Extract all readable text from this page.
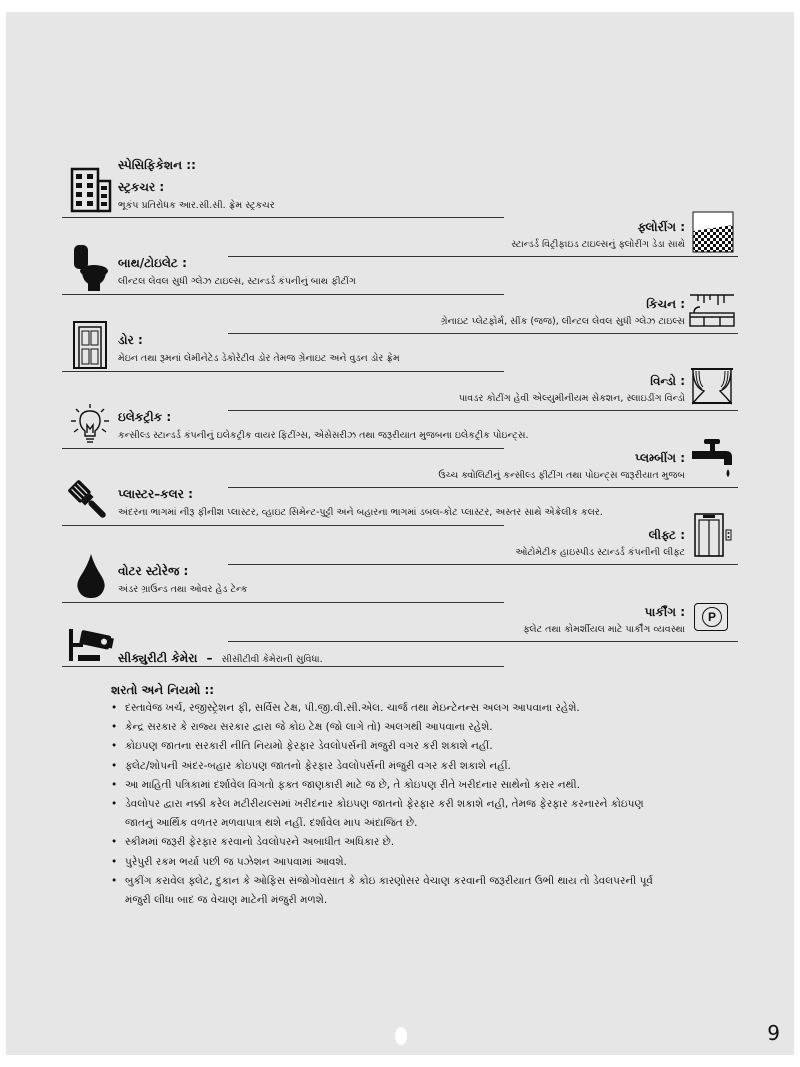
સ્પેસિફિકેશન ::
સ્ટ્રકચર :
ભૂકંપ પ્રતિરોધક આર.સી.સી. ફ્રેમ સ્ટ્રકચર
ફ્લોરીંગ :
સ્ટાન્ડર્ડ વિટ્રીફાઇડ ટાઇલ્સનું ફ્લોરીંગ ડેડા સાથે
બાથ/ટોઇલેટ :
લીન્ટલ લેવલ સુધી ગ્લેઝ ટાઇલ્સ, સ્ટાન્ડર્ડ કંપનીનું બાથ ફીટીંગ
કિચન :
ગ્રેનાઇટ પ્લેટફોર્મ, સીંક (જજ), લીન્ટલ લેવલ સુધી ગ્લેઝ ટાઇલ્સ
ડોર :
મેઇન તથા રૂમનાં લેમીનેટેડ ડેકોરેટીવ ડોર તેમજ ગ્રેનાઇટ અને વુડન ડોર ફ્રેમ
વિન્ડો :
પાવડર કોટીંગ હેવી એલ્યુમીનીયમ સેકશન, સ્લાઇડીંગ વિન્ડો
ઇલેકટ્રીક :
કન્સીલ્ડ સ્ટાન્ડર્ડ કંપનીનું ઇલેકટ્રીક વાયર ફિટીંગ્સ, એસેસરીઝ તથા જરૂરીયાત મુજબના ઇલેકટ્રીક પોઇન્ટ્સ.
પ્લમ્બીંગ :
ઉચ્ચ ક્વોલિટીનું કન્સીલ્ડ ફીટીંગ તથા પોઇન્ટ્સ જરૂરીયાત મુજબ
પ્લાસ્ટર–કલર :
અંદરના ભાગમાં નીરૂ ફીનીશ પ્લાસ્ટર, વ્હાઇટ સિમેન્ટ-પુટ્ટી અને બહારના ભાગમાં ડબલ-કોટ પ્લાસ્ટર, અસ્તર સાથે એક્રેલીક કલર.
લીફ્ટ :
ઓટોમેટીક હાઇસ્પીડ સ્ટાન્ડર્ડ કંપનીની લીફ્ટ
વોટર સ્ટોરેજ :
અંડર ગ્રાઉન્ડ તથા ઓવર હેડ ટેન્ક
પાર્કીંગ :
ફ્લેટ તથા કોમર્શીયલ માટે પાર્કીંગ વ્યવસ્થા
P
સીક્યુરીટી કેમેરા – સીસીટીવી કેમેરાની સુવિધા.
શરતો અને નિયમો ::
• દસ્તાવેજ ખર્ચ, રજીસ્ટ્રેશન ફી, સર્વિસ ટેક્ષ, પી.જી.વી.સી.એલ. ચાર્જ તથા મેઇન્ટેનન્સ અલગ આપવાના રહેશે.
• કેન્દ્ર સરકાર કે રાજ્ય સરકાર દ્વારા જે કોઇ ટેક્ષ (જો લાગે તો) અલગથી આપવાના રહેશે.
• કોઇપણ જાતના સરકારી નીતિ નિયમો ફેરફાર ડેવલોપર્સની મંજુરી વગર કરી શકાશે નહીં.
• ફ્લેટ/શોપની અંદર-બહાર કોઇપણ જાતનો ફેરફાર ડેવલોપર્સની મંજુરી વગર કરી શકાશે નહીં.
• આ માહિતી પત્રિકામાં દર્શાવેલ વિગતો ફક્ત જાણકારી માટે જ છે, તે કોઇપણ રીતે ખરીદનાર સાથેનો કરાર નથી.
• ડેવલોપર દ્વારા નક્કી કરેલ મટીરીયલ્સમાં ખરીદનાર કોઇપણ જાતનો ફેરફાર કરી શકાશે નહી, તેમજ ફેરફાર કરનારને કોઇપણ જાતનું આર્થિક વળતર મળવાપાત્ર થશે નહીં. દર્શાવેલ માપ અંદાજિત છે.
• સ્કીમમાં જરૂરી ફેરફાર કરવાનો ડેવલોપરને અબાધીત અધિકાર છે.
• પુરેપુરી રકમ ભર્યા પછી જ પઝેશન આપવામાં આવશે.
• બુકીંગ કરાવેલ ફ્લેટ, દુકાન કે ઓફિસ સંજોગોવસાત કે કોઇ કારણોસર વેચાણ કરવાની જરૂરીયાત ઉભી થાય તો ડેવલપરની પૂર્વ મંજુરી લીધા બાદ જ વેચાણ માટેની મંજુરી મળશે.
9
